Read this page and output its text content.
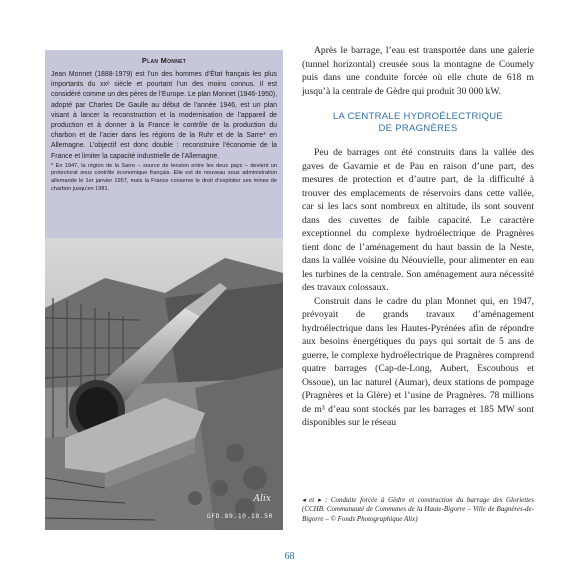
Plan Monnet

Jean Monnet (1888-1979) est l’un des hommes d’État français les plus importants du xxᵉ siècle et pourtant l’un des moins connus. Il est considéré comme un des pères de l’Europe. Le plan Monnet (1946-1950), adopté par Charles De Gaulle au début de l’année 1946, est un plan visant à lancer la reconstruction et la modernisation de l’appareil de production et à donner à la France le contrôle de la production du charbon et de l’acier dans les régions de la Ruhr et de la Sarre* en Allemagne. L’objectif est donc double : reconstruire l’économie de la France et limiter la capacité industrielle de l’Allemagne.

* En 1947, la région de la Sarre – source de tension entre les deux pays – devient un protectorat sous contrôle économique français. Elle est de nouveau sous administration allemande le 1er janvier 1957, mais la France conserve le droit d’exploiter ses mines de charbon jusqu’en 1981.

Alix
GFD.89.10.18.50

Après le barrage, l’eau est transportée dans une galerie (tunnel horizontal) creusée sous la montagne de Coumely puis dans une conduite forcée où elle chute de 618 m jusqu’à la centrale de Gèdre qui produit 30 000 kW.

LA CENTRALE HYDROÉLECTRIQUE
DE PRAGNÈRES

Peu de barrages ont été construits dans la vallée des gaves de Gavarnie et de Pau en raison d’une part, des mesures de protection et d’autre part, de la difficulté à trouver des emplacements de réservoirs dans cette vallée, car si les lacs sont nombreux en altitude, ils sont souvent dans des cuvettes de faible capacité. Le caractère exceptionnel du complexe hydroélectrique de Pragnères tient donc de l’aménagement du haut bassin de la Neste, dans la vallée voisine du Néouvielle, pour alimenter en eau les turbines de la centrale. Son aménagement aura nécessité des travaux colossaux.

Construit dans le cadre du plan Monnet qui, en 1947, prévoyait de grands travaux d’aménagement hydroélectrique dans les Hautes-Pyrénées afin de répondre aux besoins énergétiques du pays qui sortait de 5 ans de guerre, le complexe hydroélectrique de Pragnères comprend quatre barrages (Cap-de-Long, Aubert, Escoubous et Ossoue), un lac naturel (Aumar), deux stations de pompage (Pragnères et la Glère) et l’usine de Pragnères. 78 millions de m³ d’eau sont stockés par les barrages et 185 MW sont disponibles sur le réseau

◂ et ▸ : Conduite forcée à Gèdre et construction du barrage des Gloriettes (CCHB. Communauté de Communes de la Haute-Bigorre – Ville de Bagnères-de-Bigorre – © Fonds Photographique Alix)
68
